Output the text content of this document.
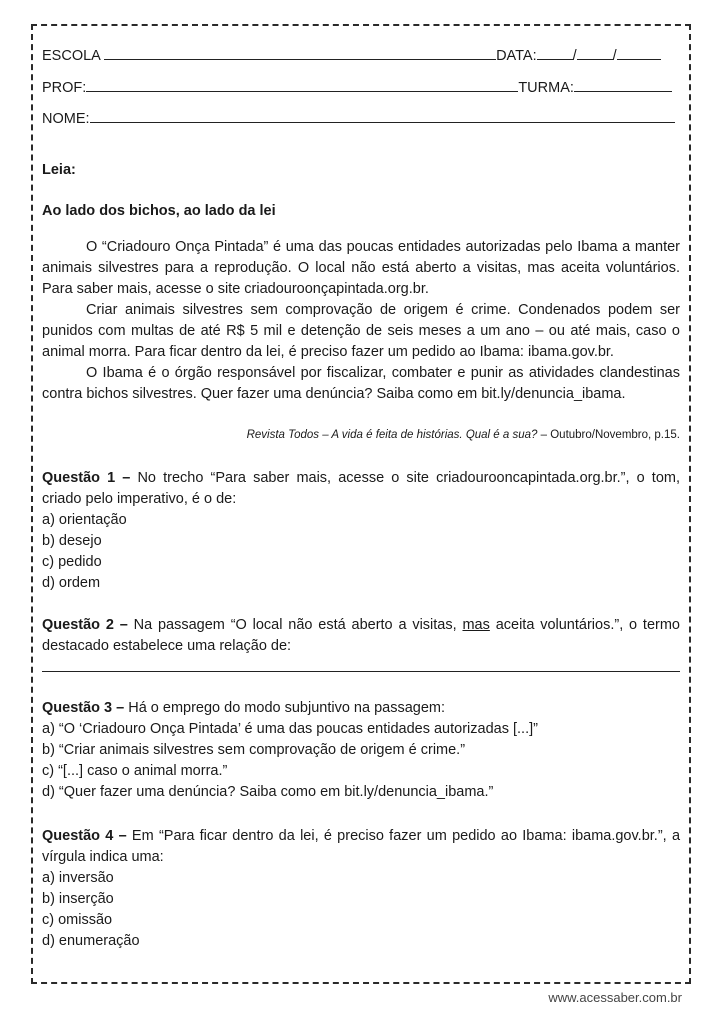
ESCOLA	DATA: / /
PROF:	TURMA:
NOME:
Leia:
Ao lado dos bichos, ao lado da lei

O “Criadouro Onça Pintada” é uma das poucas entidades autorizadas pelo Ibama a manter animais silvestres para a reprodução. O local não está aberto a visitas, mas aceita voluntários. Para saber mais, acesse o site criadouroonçapintada.org.br.

Criar animais silvestres sem comprovação de origem é crime. Condenados podem ser punidos com multas de até R$ 5 mil e detenção de seis meses a um ano – ou até mais, caso o animal morra. Para ficar dentro da lei, é preciso fazer um pedido ao Ibama: ibama.gov.br.

O Ibama é o órgão responsável por fiscalizar, combater e punir as atividades clandestinas contra bichos silvestres. Quer fazer uma denúncia? Saiba como em bit.ly/denuncia_ibama.

Revista Todos – A vida é feita de histórias. Qual é a sua? – Outubro/Novembro, p.15.

Questão 1 – No trecho “Para saber mais, acesse o site criadourooncapintada.org.br.”, o tom, criado pelo imperativo, é o de:

a) orientação

b) desejo

c) pedido

d) ordem

Questão 2 – Na passagem “O local não está aberto a visitas, mas aceita voluntários.”, o termo destacado estabelece uma relação de:

Questão 3 – Há o emprego do modo subjuntivo na passagem:

a) “O ‘Criadouro Onça Pintada’ é uma das poucas entidades autorizadas [...]”

b) “Criar animais silvestres sem comprovação de origem é crime.”

c) “[...] caso o animal morra.”

d) “Quer fazer uma denúncia? Saiba como em bit.ly/denuncia_ibama.”

Questão 4 – Em “Para ficar dentro da lei, é preciso fazer um pedido ao Ibama: ibama.gov.br.”, a vírgula indica uma:

a) inversão

b) inserção

c) omissão

d) enumeração

www.acessaber.com.br
